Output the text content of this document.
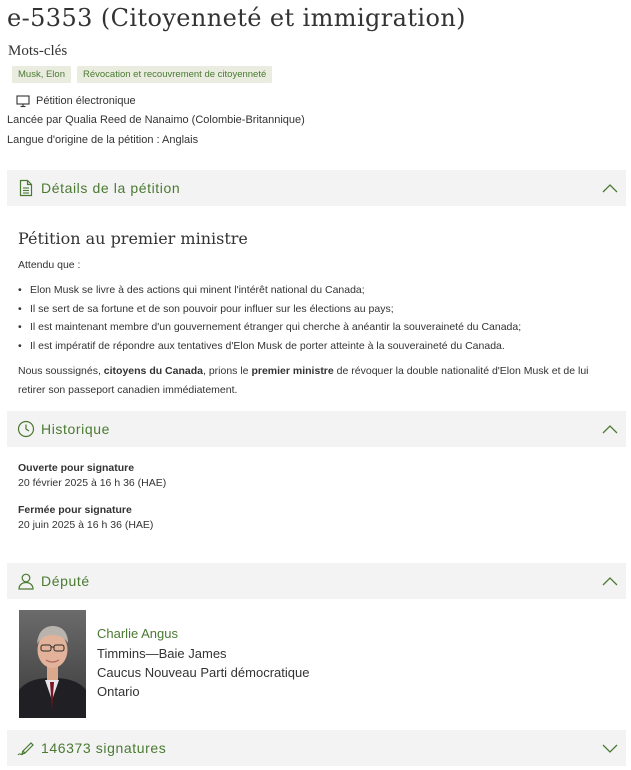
e-5353 (Citoyenneté et immigration)
Mots-clés
Musk, Elon	Révocation et recouvrement de citoyenneté
Pétition électronique
Lancée par Qualia Reed de Nanaimo (Colombie-Britannique)
Langue d'origine de la pétition : Anglais
Détails de la pétition
Pétition au premier ministre
Attendu que :
• Elon Musk se livre à des actions qui minent l'intérêt national du Canada;
• Il se sert de sa fortune et de son pouvoir pour influer sur les élections au pays;
• Il est maintenant membre d'un gouvernement étranger qui cherche à anéantir la souveraineté du Canada;
• Il est impératif de répondre aux tentatives d'Elon Musk de porter atteinte à la souveraineté du Canada.

Nous soussignés, citoyens du Canada, prions le premier ministre de révoquer la double nationalité d'Elon Musk et de lui retirer son passeport canadien immédiatement.

Historique
Ouverte pour signature
20 février 2025 à 16 h 36 (HAE)
Fermée pour signature
20 juin 2025 à 16 h 36 (HAE)
Député
Charlie Angus
Timmins—Baie James
Caucus Nouveau Parti démocratique
Ontario
146373 signatures
